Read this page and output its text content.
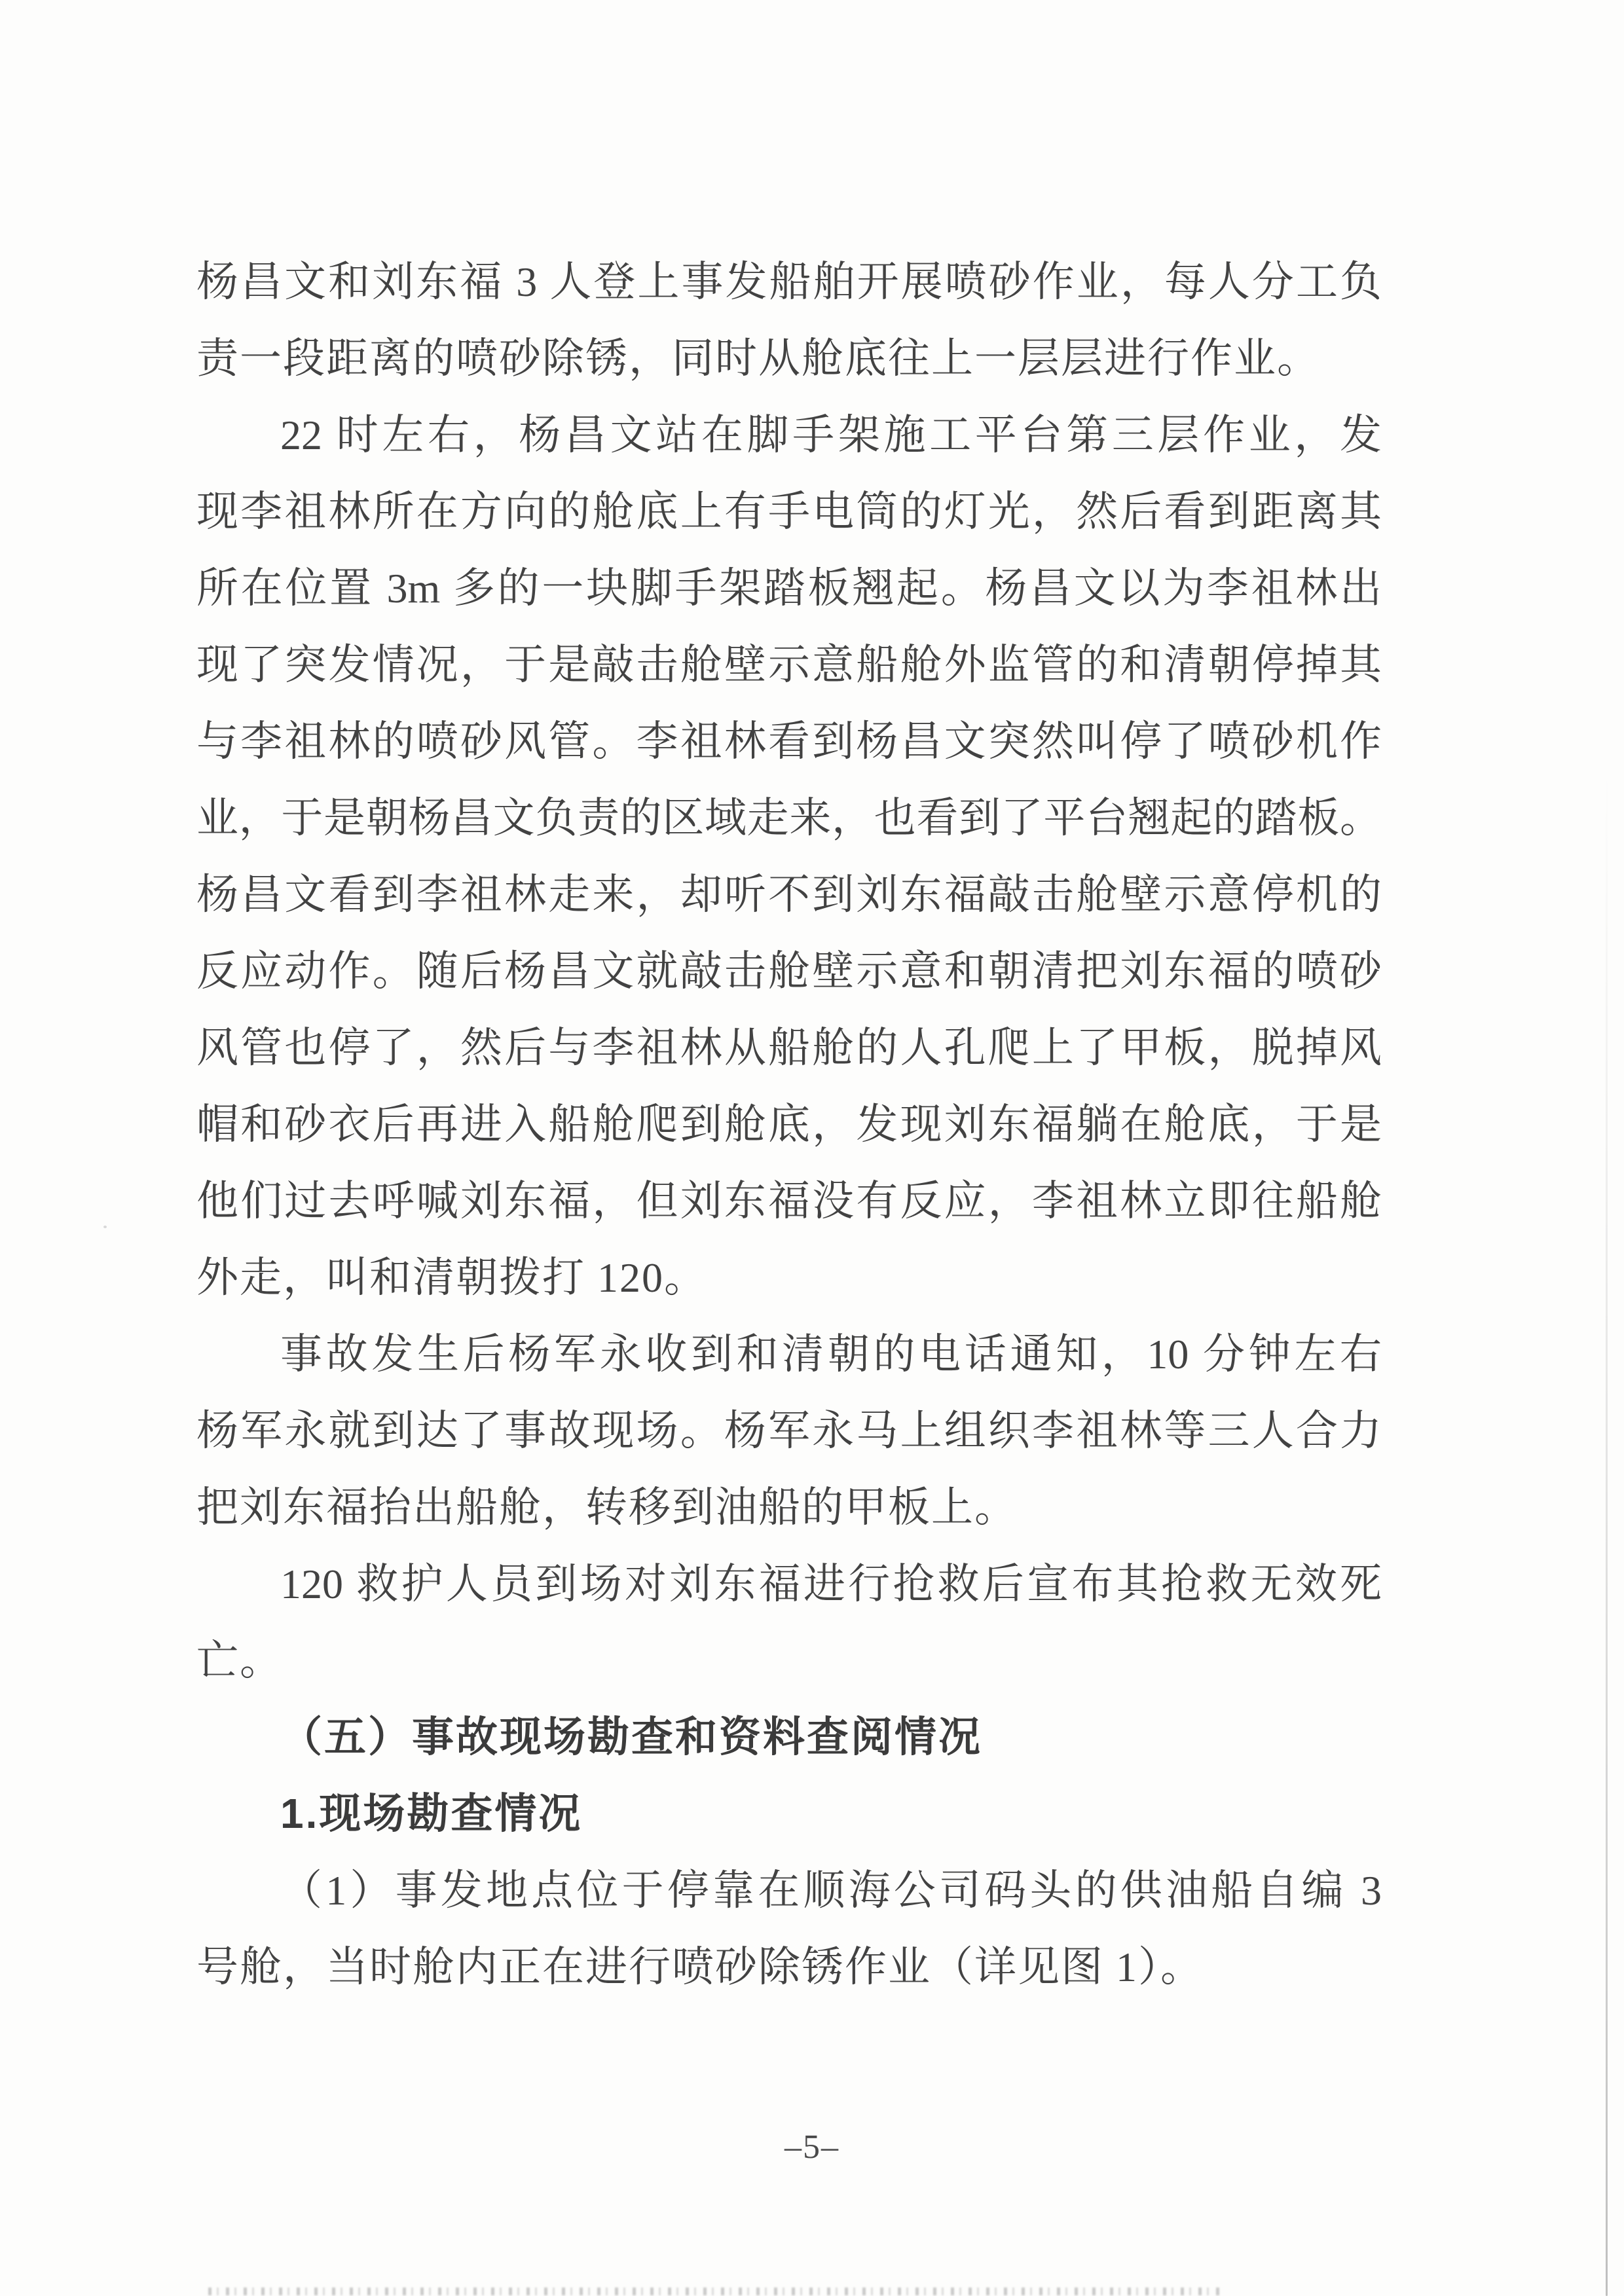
杨昌文和刘东福 3 人登上事发船舶开展喷砂作业，每人分工负
责一段距离的喷砂除锈，同时从舱底往上一层层进行作业。
22 时左右，杨昌文站在脚手架施工平台第三层作业，发
现李祖林所在方向的舱底上有手电筒的灯光，然后看到距离其
所在位置 3m 多的一块脚手架踏板翘起。杨昌文以为李祖林出
现了突发情况，于是敲击舱壁示意船舱外监管的和清朝停掉其
与李祖林的喷砂风管。李祖林看到杨昌文突然叫停了喷砂机作
业，于是朝杨昌文负责的区域走来，也看到了平台翘起的踏板。
杨昌文看到李祖林走来，却听不到刘东福敲击舱壁示意停机的
反应动作。随后杨昌文就敲击舱壁示意和朝清把刘东福的喷砂
风管也停了，然后与李祖林从船舱的人孔爬上了甲板，脱掉风
帽和砂衣后再进入船舱爬到舱底，发现刘东福躺在舱底，于是
他们过去呼喊刘东福，但刘东福没有反应，李祖林立即往船舱
外走，叫和清朝拨打 120。
事故发生后杨军永收到和清朝的电话通知，10 分钟左右
杨军永就到达了事故现场。杨军永马上组织李祖林等三人合力
把刘东福抬出船舱，转移到油船的甲板上。
120 救护人员到场对刘东福进行抢救后宣布其抢救无效死
亡。
（五）事故现场勘查和资料查阅情况
1.现场勘查情况
（1）事发地点位于停靠在顺海公司码头的供油船自编 3
号舱，当时舱内正在进行喷砂除锈作业（详见图 1）。
–5–
